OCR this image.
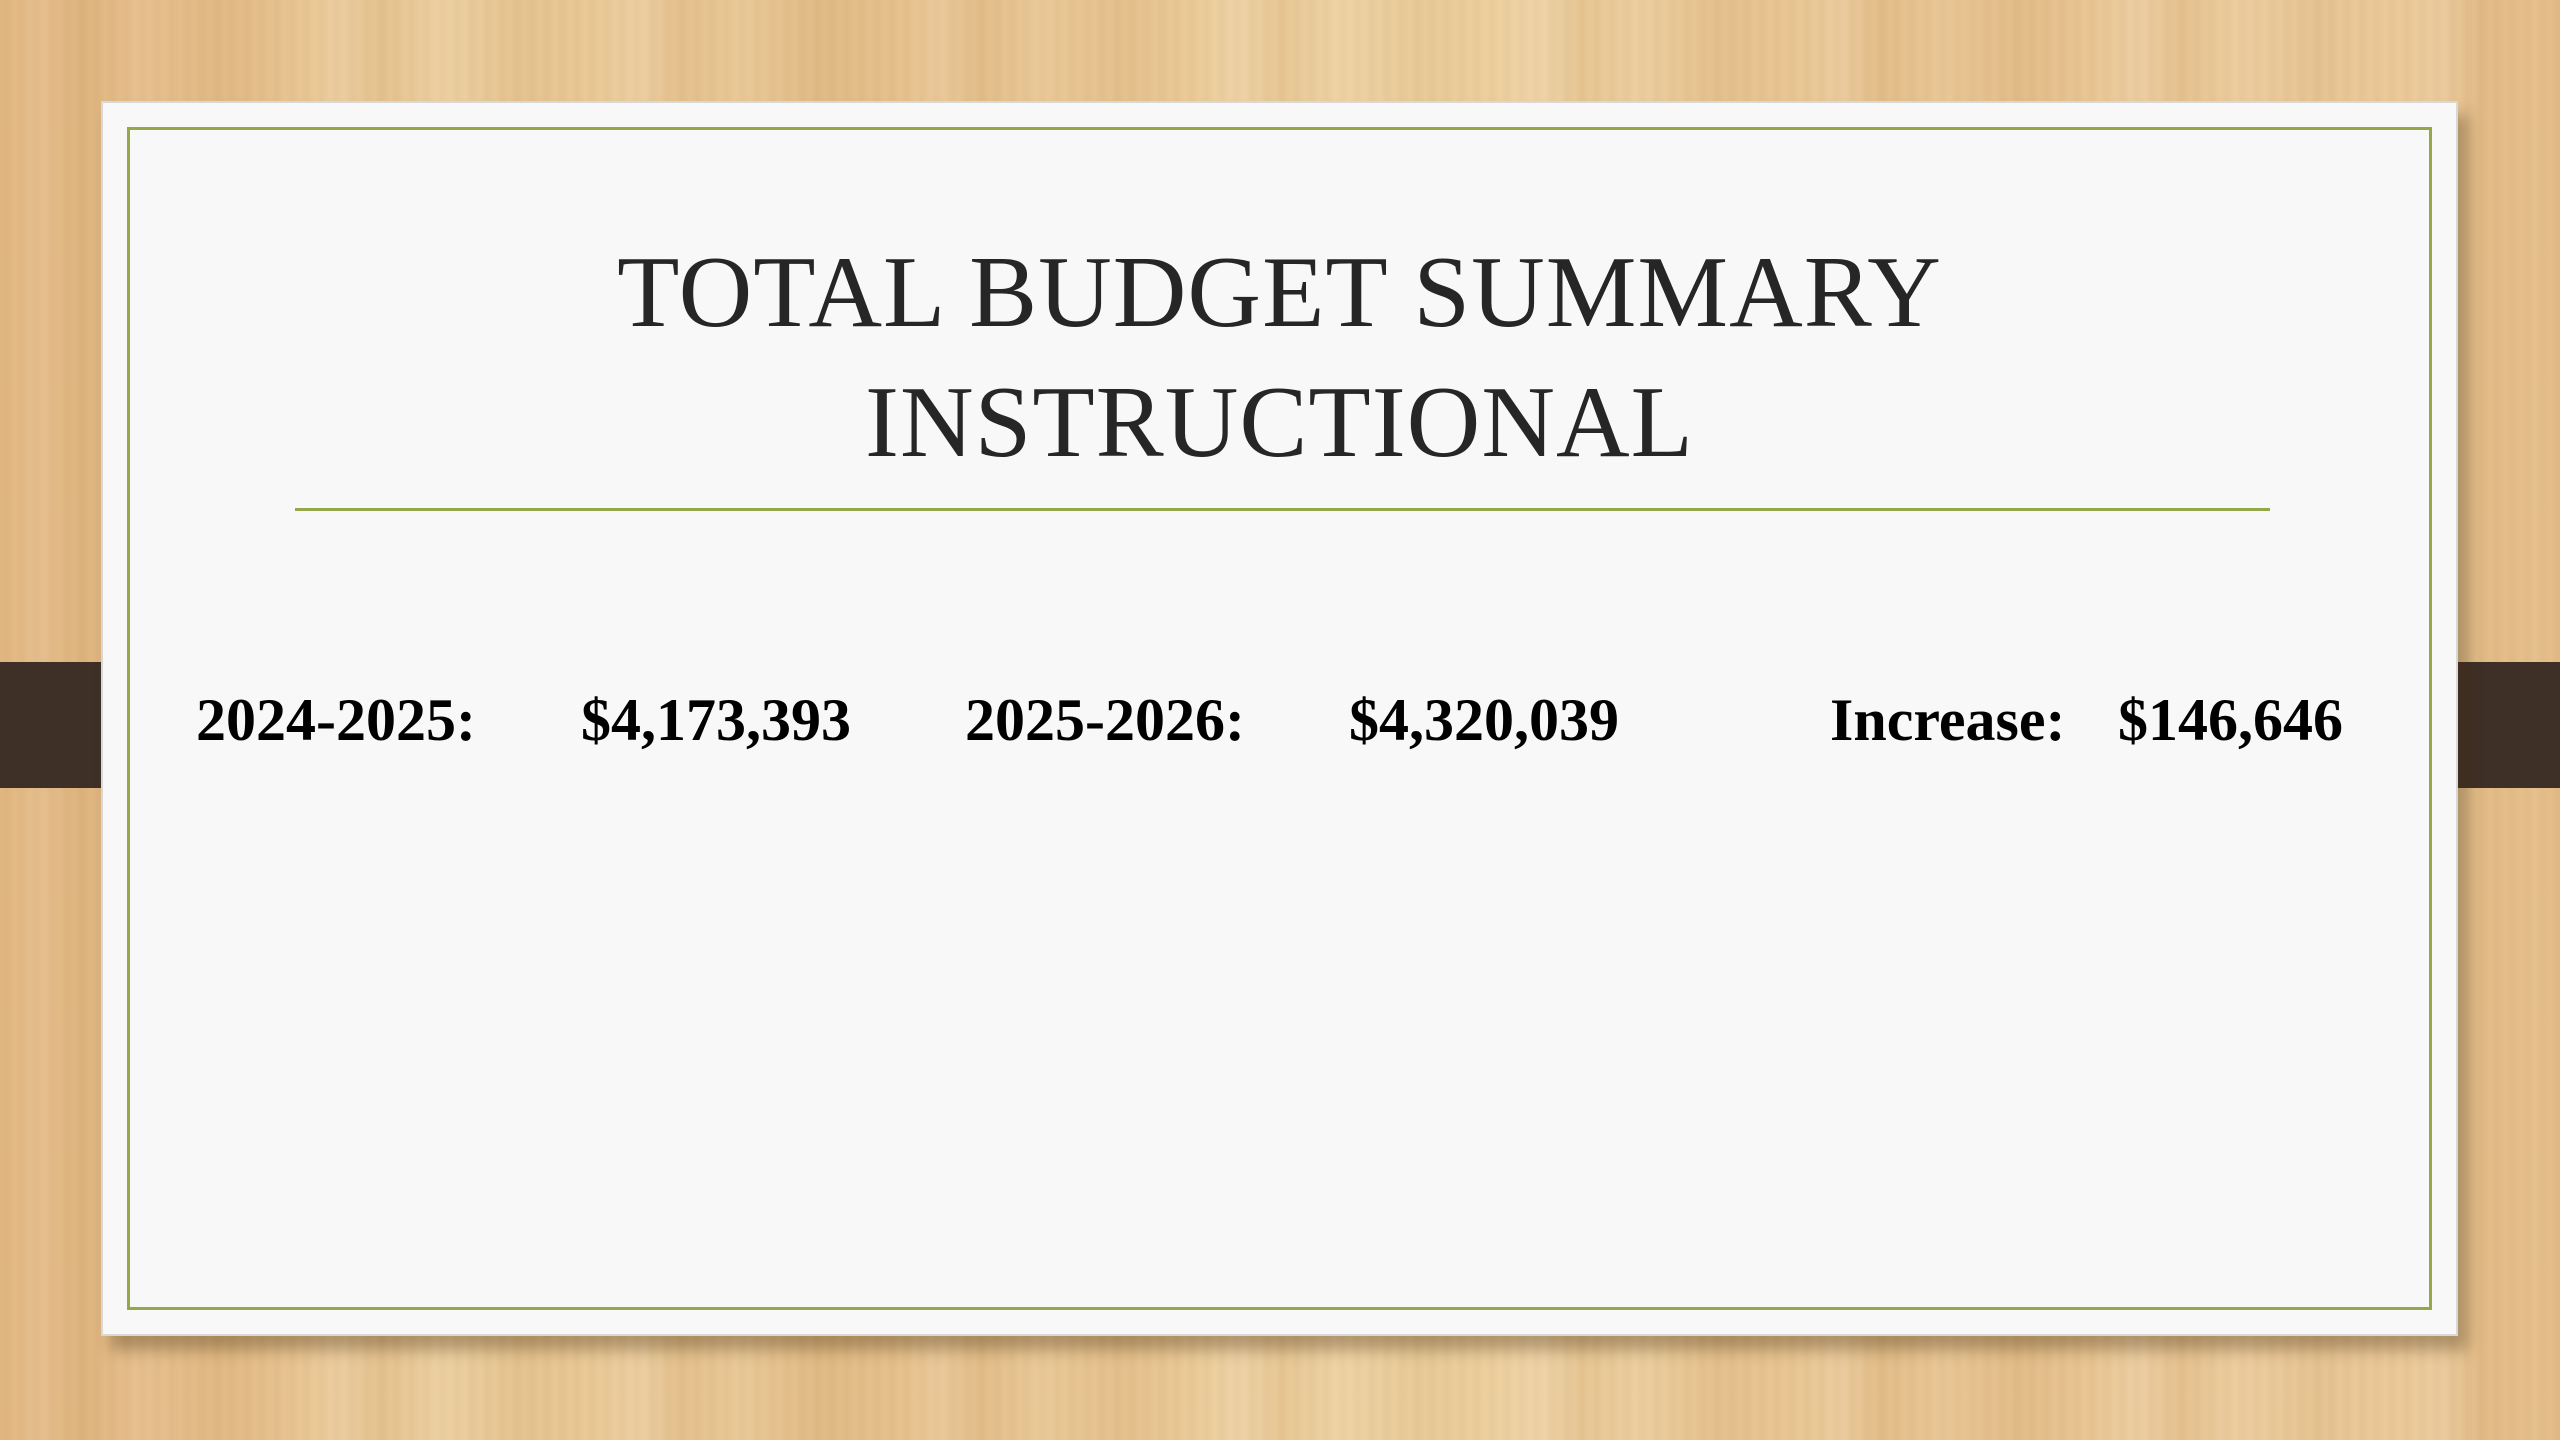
TOTAL BUDGET SUMMARY
INSTRUCTIONAL
2024-2025: $4,173,393 2025-2026: $4,320,039	Increase: $146,646
